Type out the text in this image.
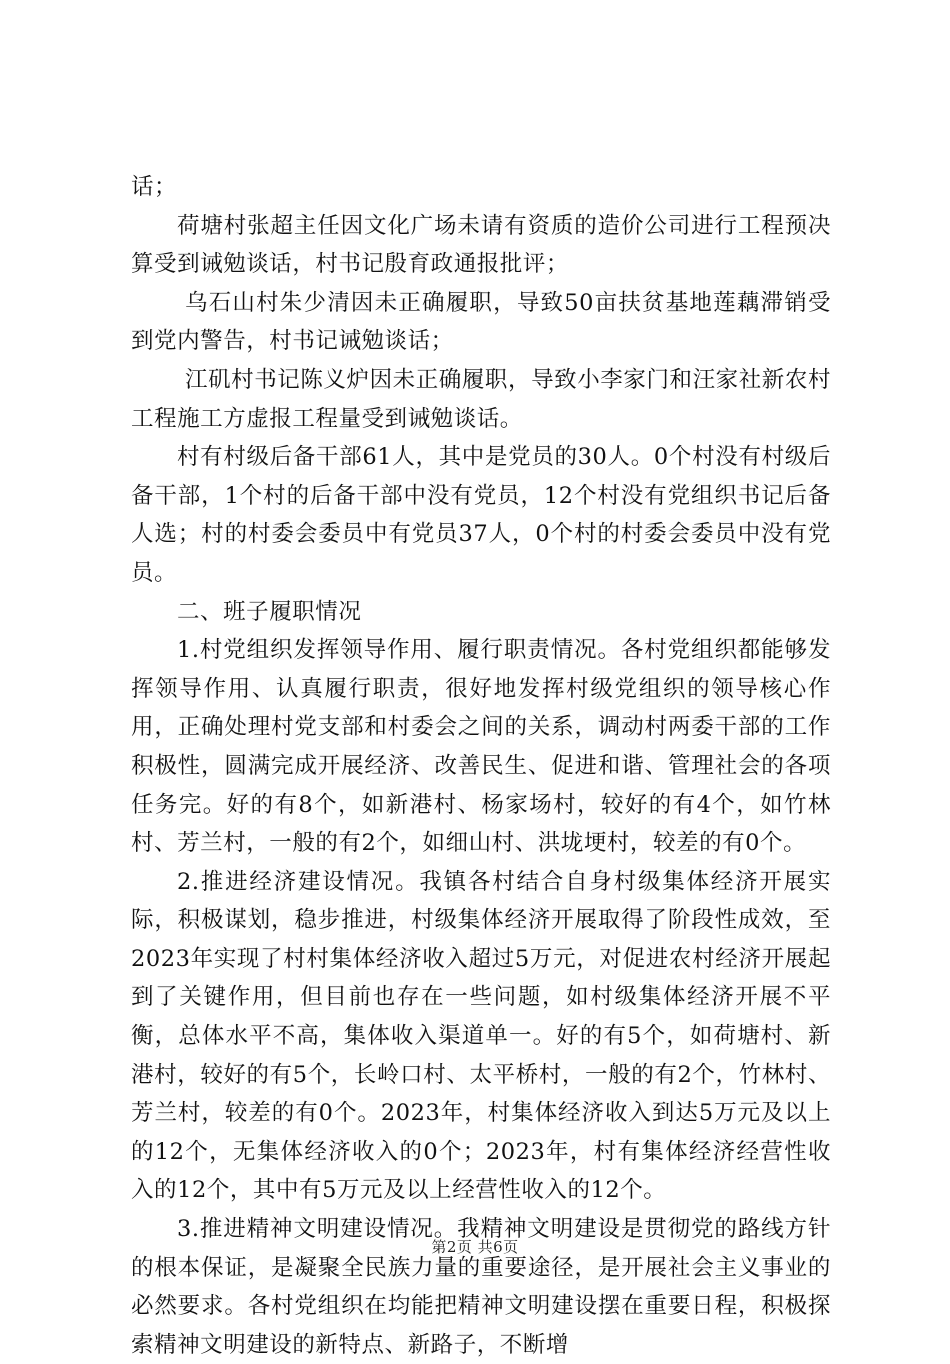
话；

荷塘村张超主任因文化广场未请有资质的造价公司进行工程预决算受到诫勉谈话，村书记殷育政通报批评；

乌石山村朱少清因未正确履职，导致50亩扶贫基地莲藕滞销受到党内警告，村书记诫勉谈话；

江矶村书记陈义炉因未正确履职，导致小李家门和汪家社新农村工程施工方虚报工程量受到诫勉谈话。

村有村级后备干部61人，其中是党员的30人。0个村没有村级后备干部，1个村的后备干部中没有党员，12个村没有党组织书记后备人选；村的村委会委员中有党员37人，0个村的村委会委员中没有党员。

二、班子履职情况

1.村党组织发挥领导作用、履行职责情况。各村党组织都能够发挥领导作用、认真履行职责，很好地发挥村级党组织的领导核心作用，正确处理村党支部和村委会之间的关系，调动村两委干部的工作积极性，圆满完成开展经济、改善民生、促进和谐、管理社会的各项任务完。好的有8个，如新港村、杨家场村，较好的有4个，如竹林村、芳兰村，一般的有2个，如细山村、洪垅埂村，较差的有0个。

2.推进经济建设情况。我镇各村结合自身村级集体经济开展实际，积极谋划，稳步推进，村级集体经济开展取得了阶段性成效，至2023年实现了村村集体经济收入超过5万元，对促进农村经济开展起到了关键作用，但目前也存在一些问题，如村级集体经济开展不平衡，总体水平不高，集体收入渠道单一。好的有5个，如荷塘村、新港村，较好的有5个，长岭口村、太平桥村，一般的有2个，竹林村、芳兰村，较差的有0个。2023年，村集体经济收入到达5万元及以上的12个，无集体经济收入的0个；2023年，村有集体经济经营性收入的12个，其中有5万元及以上经营性收入的12个。

3.推进精神文明建设情况。我精神文明建设是贯彻党的路线方针的根本保证，是凝聚全民族力量的重要途径，是开展社会主义事业的必然要求。各村党组织在均能把精神文明建设摆在重要日程，积极探索精神文明建设的新特点、新路子，不断增

第2页 共6页
